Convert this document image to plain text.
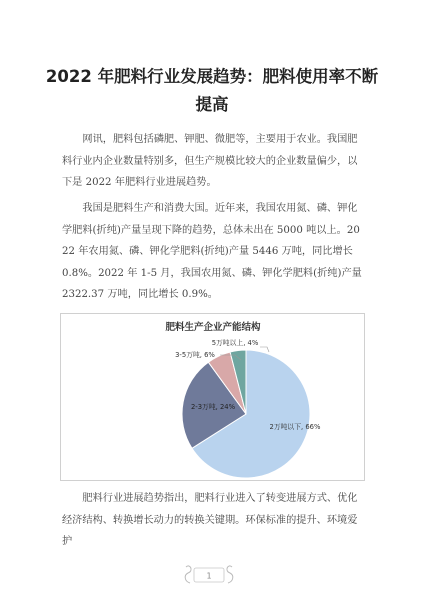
2022 年肥料行业发展趋势：肥料使用率不断提高

网讯，肥料包括磷肥、钾肥、微肥等，主要用于农业。我国肥料行业内企业数量特别多，但生产规模比较大的企业数量偏少，以下是 2022 年肥料行业进展趋势。

我国是肥料生产和消费大国。近年来，我国农用氮、磷、钾化学肥料(折纯)产量呈现下降的趋势，总体未出在 5000 吨以上。2022 年农用氮、磷、钾化学肥料(折纯)产量 5446 万吨，同比增长 0.8%。2022 年 1-5 月，我国农用氮、磷、钾化学肥料(折纯)产量 2322.37 万吨，同比增长 0.9%。

肥料生产企业产能结构
2万吨以下, 66%
2-3万吨, 24%
3-5万吨, 6%
5万吨以上, 4%

肥料行业进展趋势指出，肥料行业进入了转变进展方式、优化经济结构、转换增长动力的转换关键期。环保标准的提升、环境爱护

1
